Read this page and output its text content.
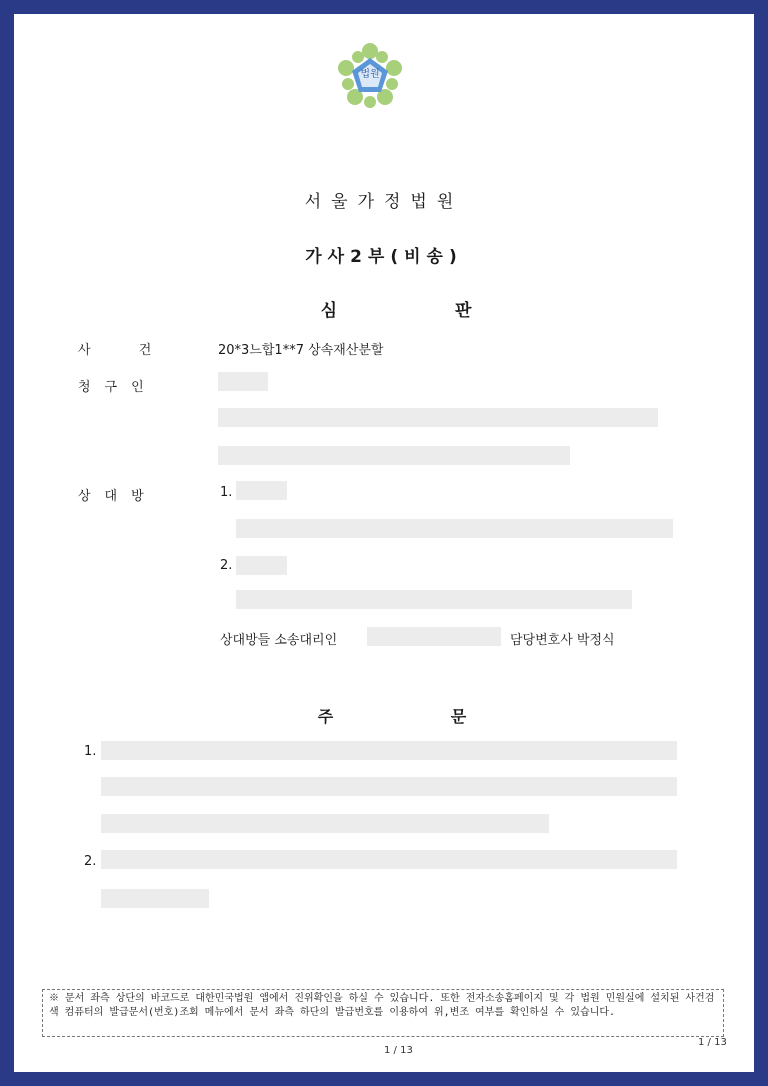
법원
서울가정법원
가사2부(비송)
심 판
사 건	20*3느합1**7 상속재산분할
청구인
상대방	1.
2.
상대방들 소송대리인	담당변호사 박정식
주 문
1.
2.
※ 문서 좌측 상단의 바코드로 대한민국법원 앱에서 진위확인을 하실 수 있습니다. 또한 전자소송홈페이지 및 각 법원 민원실에 설치된 사건검색 컴퓨터의 발급문서(번호)조회 메뉴에서 문서 좌측 하단의 발급번호를 이용하여 위,변조 여부를 확인하실 수 있습니다.
1 / 13
1 / 13
